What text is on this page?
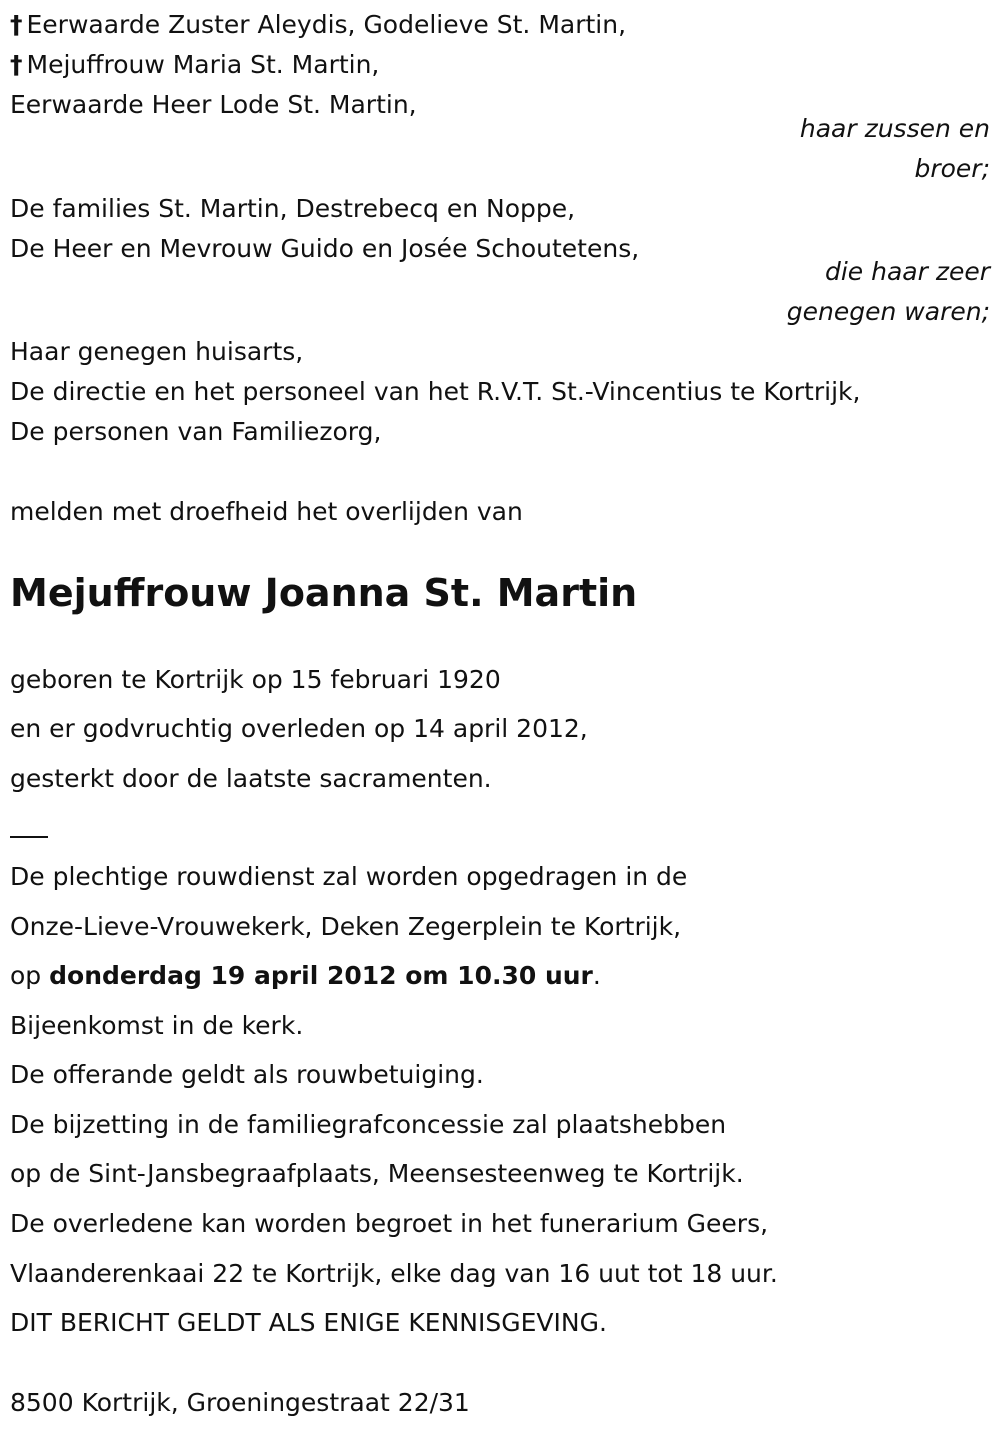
† Eerwaarde Zuster Aleydis, Godelieve St. Martin,
† Mejuffrouw Maria St. Martin,
Eerwaarde Heer Lode St. Martin,
haar zussen en
broer;
De families St. Martin, Destrebecq en Noppe,
De Heer en Mevrouw Guido en Josée Schoutetens,
die haar zeer
genegen waren;
Haar genegen huisarts,
De directie en het personeel van het R.V.T. St.-Vincentius te Kortrijk,
De personen van Familiezorg,
melden met droefheid het overlijden van
Mejuffrouw Joanna St. Martin
geboren te Kortrijk op 15 februari 1920
en er godvruchtig overleden op 14 april 2012,
gesterkt door de laatste sacramenten.
De plechtige rouwdienst zal worden opgedragen in de
Onze-Lieve-Vrouwekerk, Deken Zegerplein te Kortrijk,
op donderdag 19 april 2012 om 10.30 uur.
Bijeenkomst in de kerk.
De offerande geldt als rouwbetuiging.
De bijzetting in de familiegrafconcessie zal plaatshebben
op de Sint-Jansbegraafplaats, Meensesteenweg te Kortrijk.
De overledene kan worden begroet in het funerarium Geers,
Vlaanderenkaai 22 te Kortrijk, elke dag van 16 uut tot 18 uur.
DIT BERICHT GELDT ALS ENIGE KENNISGEVING.
8500 Kortrijk, Groeningestraat 22/31
